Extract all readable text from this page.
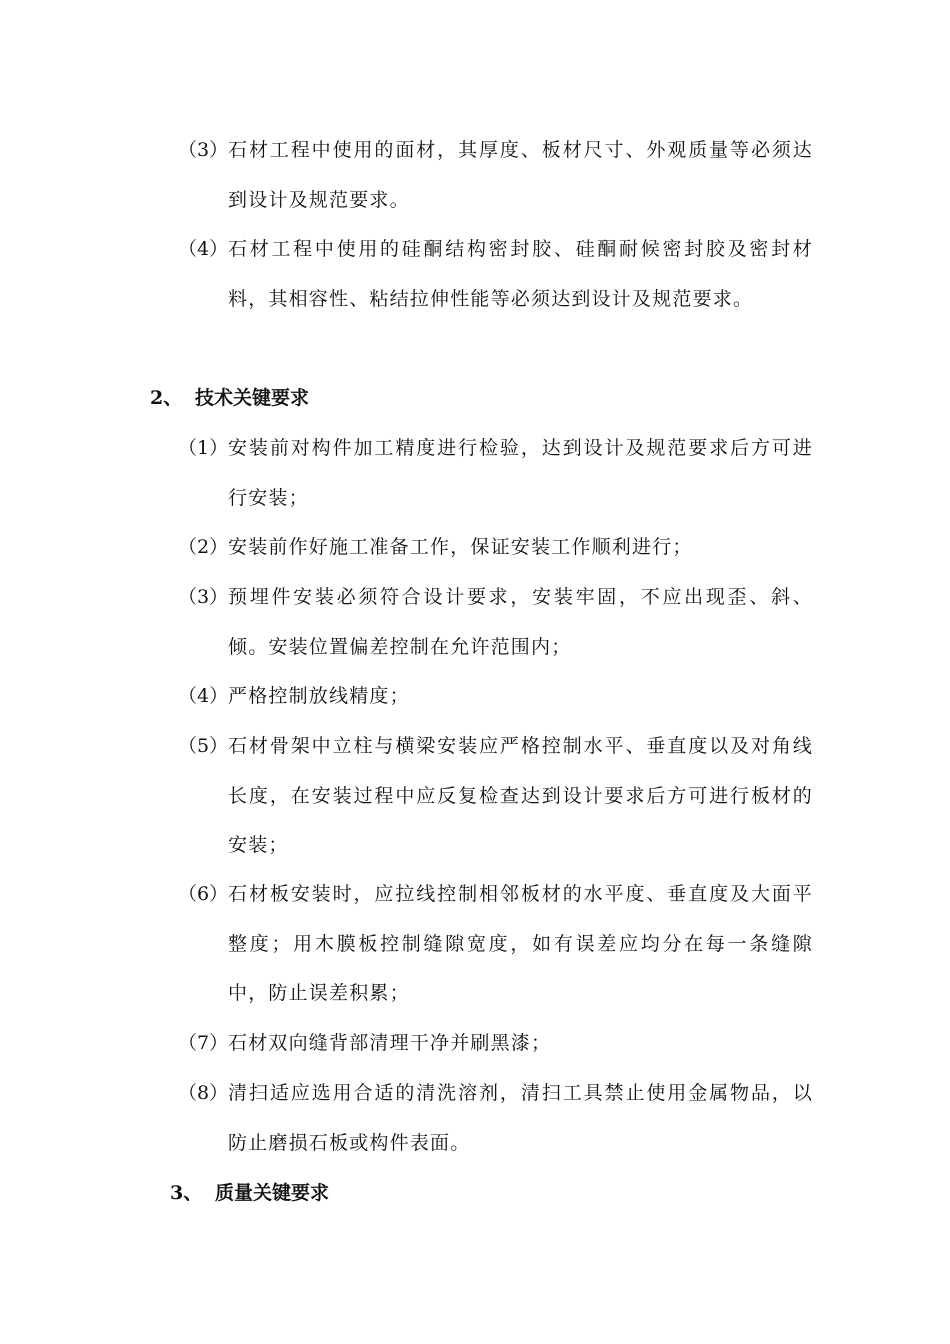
（3） 石材工程中使用的面材，其厚度、板材尺寸、外观质量等必须达到设计及规范要求。
（4） 石材工程中使用的硅酮结构密封胶、硅酮耐候密封胶及密封材料，其相容性、粘结拉伸性能等必须达到设计及规范要求。
2、 技术关键要求
（1） 安装前对构件加工精度进行检验，达到设计及规范要求后方可进行安装；
（2） 安装前作好施工准备工作，保证安装工作顺利进行；
（3） 预埋件安装必须符合设计要求，安装牢固，不应出现歪、斜、倾。安装位置偏差控制在允许范围内；
（4） 严格控制放线精度；
（5） 石材骨架中立柱与横梁安装应严格控制水平、垂直度以及对角线长度，在安装过程中应反复检查达到设计要求后方可进行板材的安装；
（6） 石材板安装时，应拉线控制相邻板材的水平度、垂直度及大面平整度；用木膜板控制缝隙宽度，如有误差应均分在每一条缝隙中，防止误差积累；
（7） 石材双向缝背部清理干净并刷黑漆；
（8） 清扫适应选用合适的清洗溶剂，清扫工具禁止使用金属物品，以防止磨损石板或构件表面。
3、 质量关键要求
